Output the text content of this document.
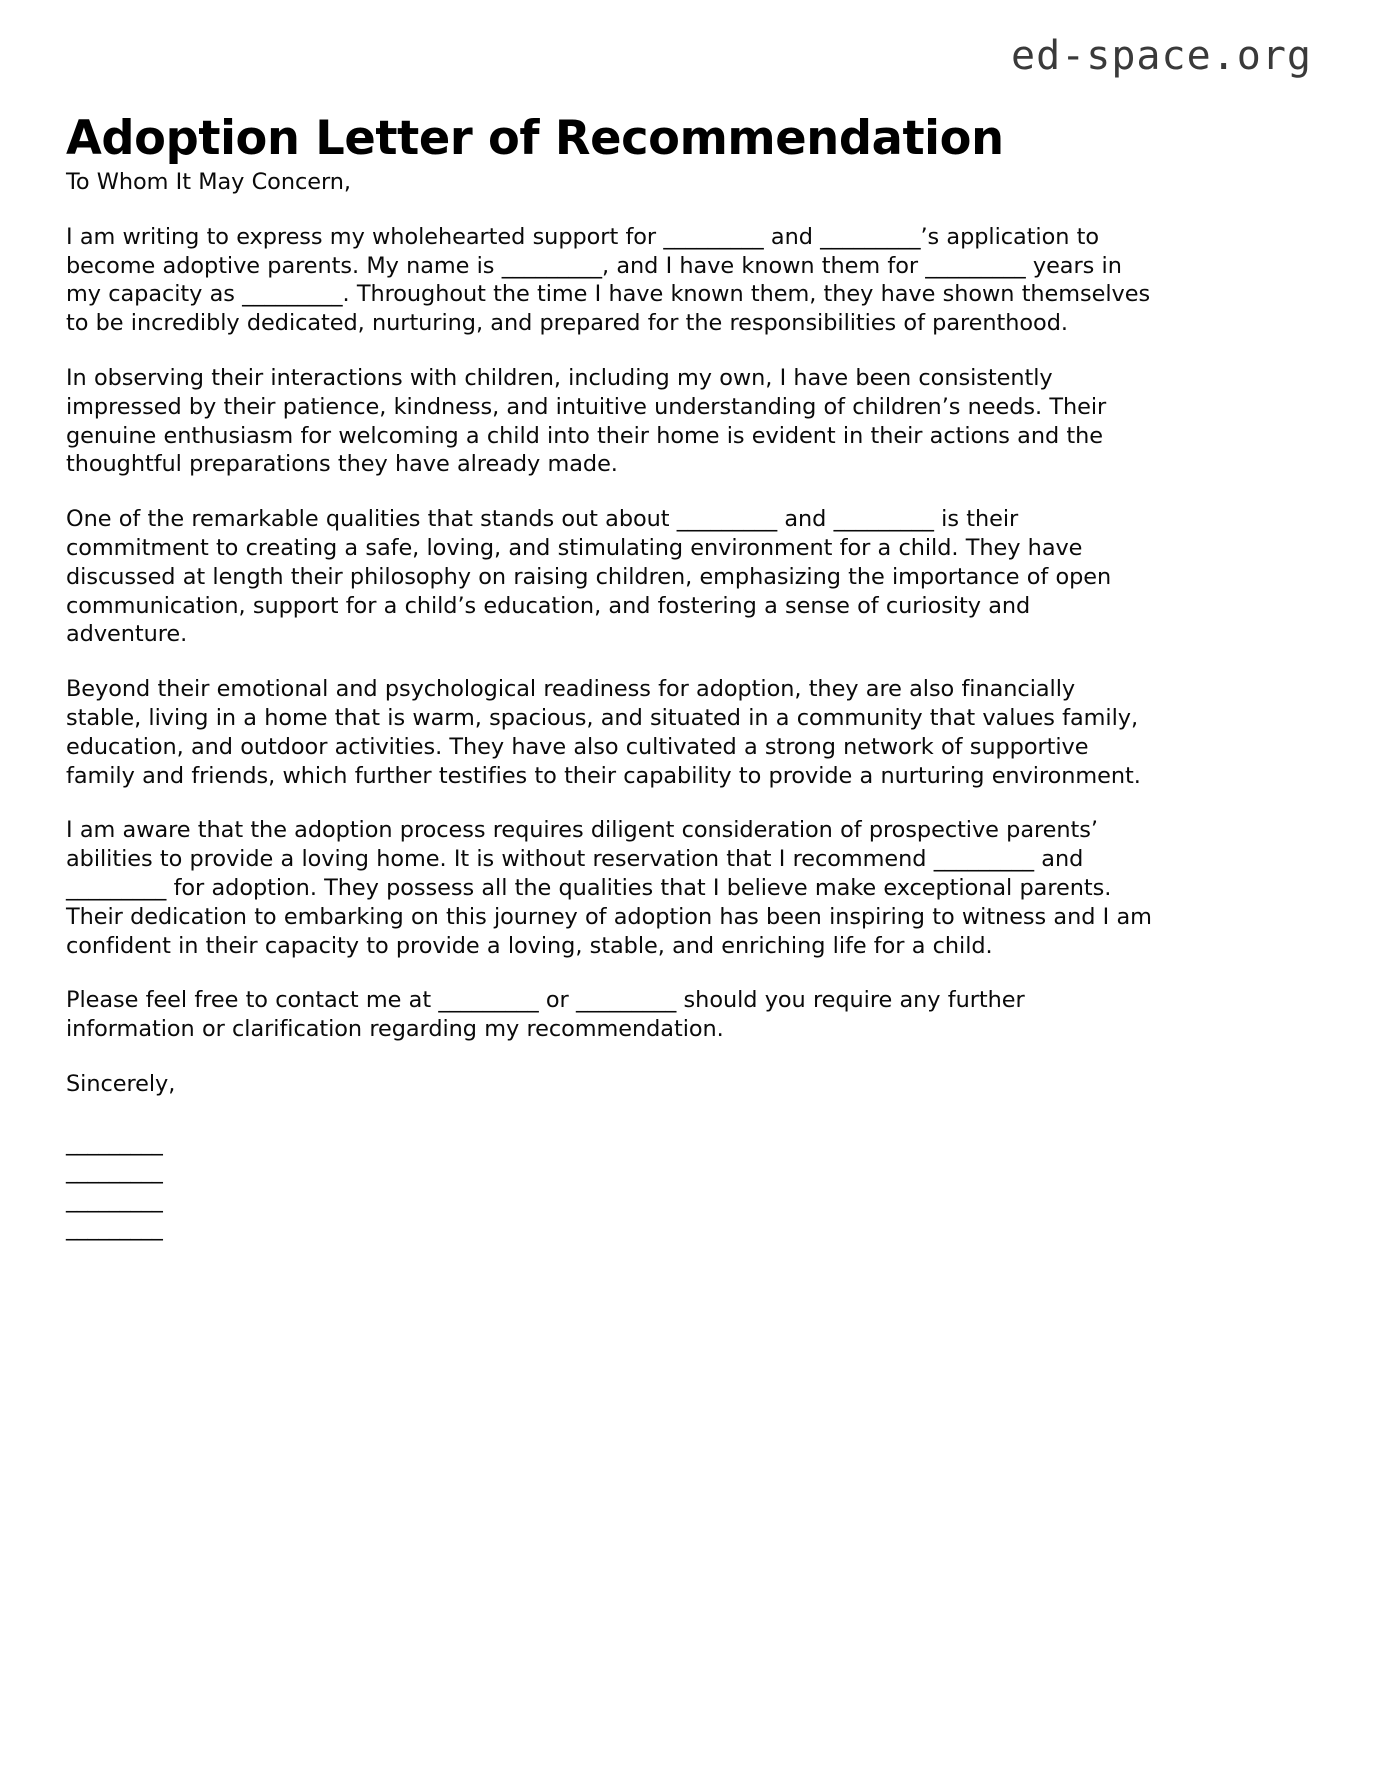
ed-space.org
Adoption Letter of Recommendation

To Whom It May Concern,

I am writing to express my wholehearted support for _________ and _________’s application to become adoptive parents. My name is _________, and I have known them for _________ years in my capacity as _________. Throughout the time I have known them, they have shown themselves to be incredibly dedicated, nurturing, and prepared for the responsibilities of parenthood.

In observing their interactions with children, including my own, I have been consistently impressed by their patience, kindness, and intuitive understanding of children’s needs. Their genuine enthusiasm for welcoming a child into their home is evident in their actions and the thoughtful preparations they have already made.

One of the remarkable qualities that stands out about _________ and _________ is their commitment to creating a safe, loving, and stimulating environment for a child. They have discussed at length their philosophy on raising children, emphasizing the importance of open communication, support for a child’s education, and fostering a sense of curiosity and adventure.

Beyond their emotional and psychological readiness for adoption, they are also financially stable, living in a home that is warm, spacious, and situated in a community that values family, education, and outdoor activities. They have also cultivated a strong network of supportive family and friends, which further testifies to their capability to provide a nurturing environment.

I am aware that the adoption process requires diligent consideration of prospective parents’ abilities to provide a loving home. It is without reservation that I recommend _________ and _________ for adoption. They possess all the qualities that I believe make exceptional parents. Their dedication to embarking on this journey of adoption has been inspiring to witness and I am confident in their capacity to provide a loving, stable, and enriching life for a child.

Please feel free to contact me at _________ or _________ should you require any further information or clarification regarding my recommendation.

Sincerely,

_________
_________
_________
_________
